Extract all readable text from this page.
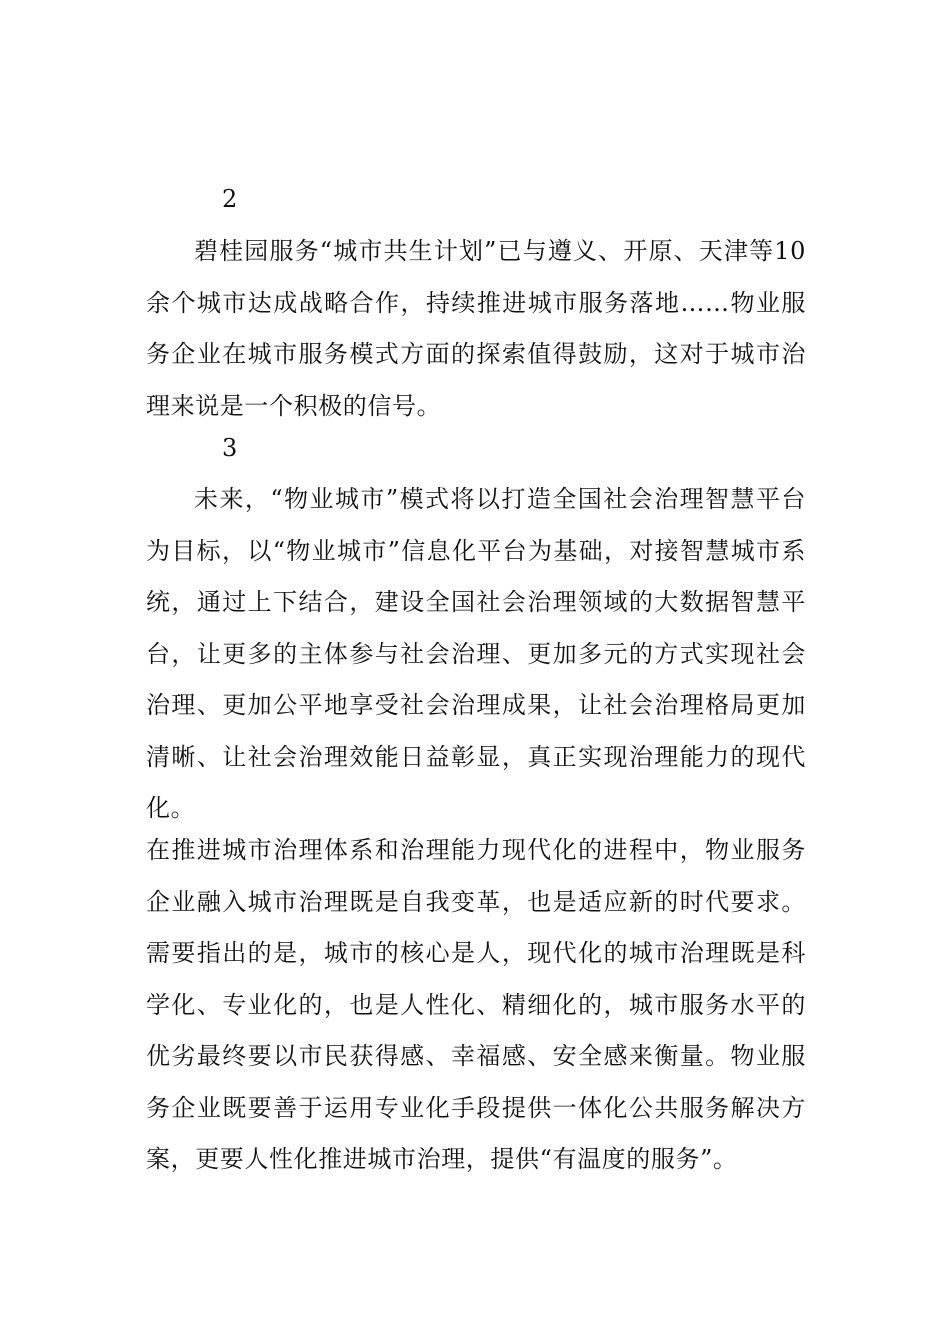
2
碧桂园服务“城市共生计划”已与遵义、开原、天津等10余个城市达成战略合作，持续推进城市服务落地……物业服务企业在城市服务模式方面的探索值得鼓励，这对于城市治理来说是一个积极的信号。
3
未来，“物业城市”模式将以打造全国社会治理智慧平台为目标，以“物业城市”信息化平台为基础，对接智慧城市系统，通过上下结合，建设全国社会治理领域的大数据智慧平台，让更多的主体参与社会治理、更加多元的方式实现社会治理、更加公平地享受社会治理成果，让社会治理格局更加清晰、让社会治理效能日益彰显，真正实现治理能力的现代化。
在推进城市治理体系和治理能力现代化的进程中，物业服务企业融入城市治理既是自我变革，也是适应新的时代要求。需要指出的是，城市的核心是人，现代化的城市治理既是科学化、专业化的，也是人性化、精细化的，城市服务水平的优劣最终要以市民获得感、幸福感、安全感来衡量。物业服务企业既要善于运用专业化手段提供一体化公共服务解决方案，更要人性化推进城市治理，提供“有温度的服务”。
